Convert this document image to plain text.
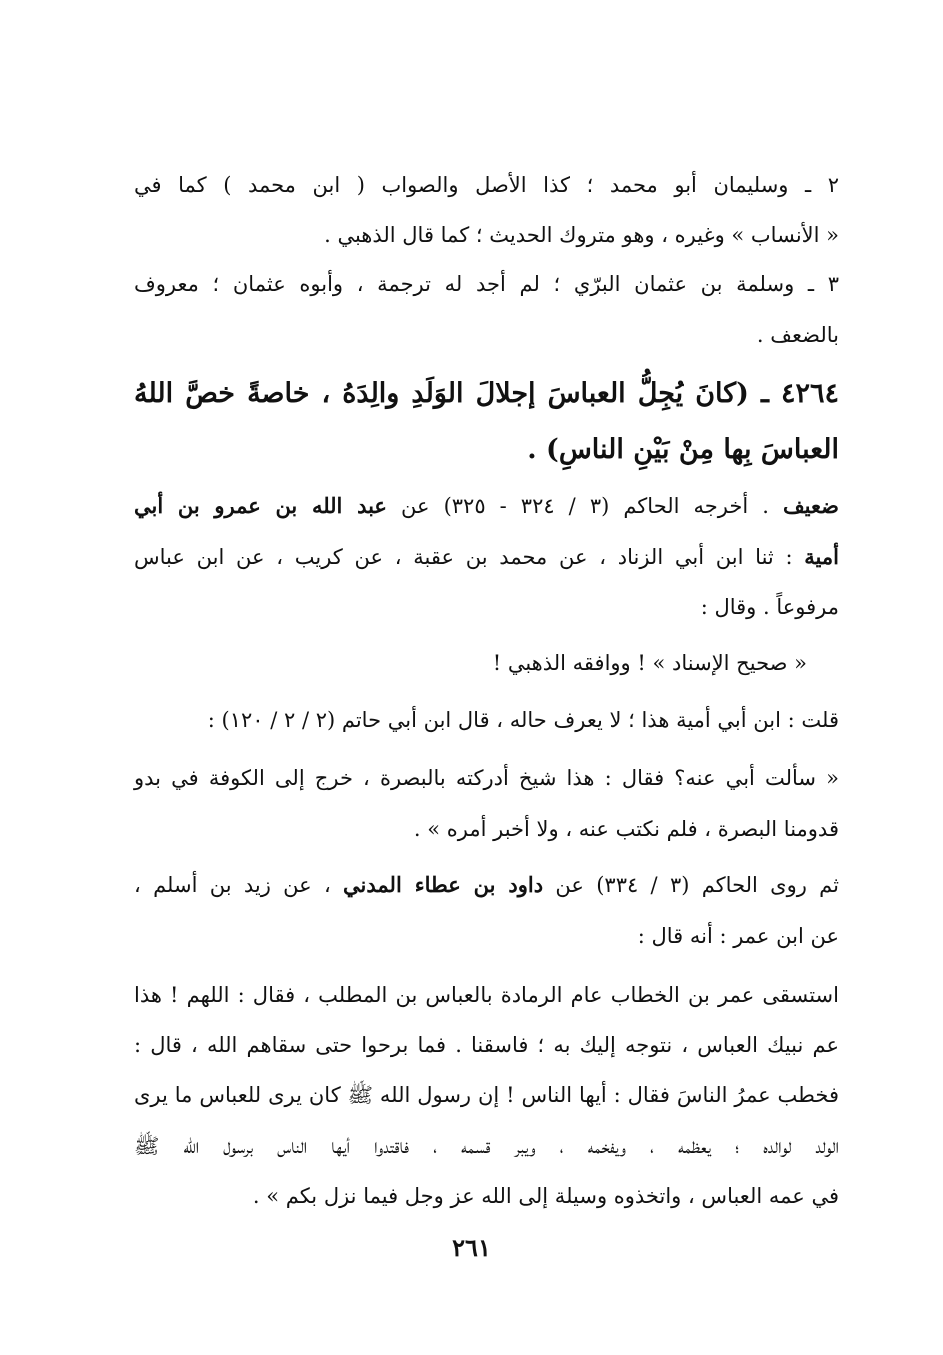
٢ ـ وسليمان أبو محمد ؛ كذا الأصل والصواب ( ابن محمد ) كما في
« الأنساب » وغيره ، وهو متروك الحديث ؛ كما قال الذهبي .
٣ ـ وسلمة بن عثمان البرّي ؛ لم أجد له ترجمة ، وأبوه عثمان ؛ معروف
بالضعف .
٤٢٦٤ ـ (كانَ يُجِلُّ العباسَ إجلالَ الوَلَدِ والِدَهُ ، خاصةً خصَّ اللهُ
العباسَ بِها مِنْ بَيْنِ الناسِ) .
ضعيف . أخرجه الحاكم (٣ / ٣٢٤ - ٣٢٥) عن عبد الله بن عمرو بن أبي
أمية : ثنا ابن أبي الزناد ، عن محمد بن عقبة ، عن كريب ، عن ابن عباس
مرفوعاً . وقال :
« صحيح الإسناد » ! ووافقه الذهبي !
قلت : ابن أبي أمية هذا ؛ لا يعرف حاله ، قال ابن أبي حاتم (٢ / ٢ / ١٢٠) :
« سألت أبي عنه؟ فقال : هذا شيخ أدركته بالبصرة ، خرج إلى الكوفة في بدو
قدومنا البصرة ، فلم نكتب عنه ، ولا أخبر أمره » .
ثم روى الحاكم (٣ / ٣٣٤) عن داود بن عطاء المدني ، عن زيد بن أسلم ،
عن ابن عمر : أنه قال :
استسقى عمر بن الخطاب عام الرمادة بالعباس بن المطلب ، فقال : اللهم ! هذا
عم نبيك العباس ، نتوجه إليك به ؛ فاسقنا . فما برحوا حتى سقاهم الله ، قال :
فخطب عمرُ الناسَ فقال : أيها الناس ! إن رسول الله ﷺ كان يرى للعباس ما يرى
الولد لوالده ؛ يعظمه ، ويفخمه ، ويبر قسمه ، فاقتدوا أيها الناس برسول الله ﷺ
في عمه العباس ، واتخذوه وسيلة إلى الله عز وجل فيما نزل بكم » .
٢٦١
